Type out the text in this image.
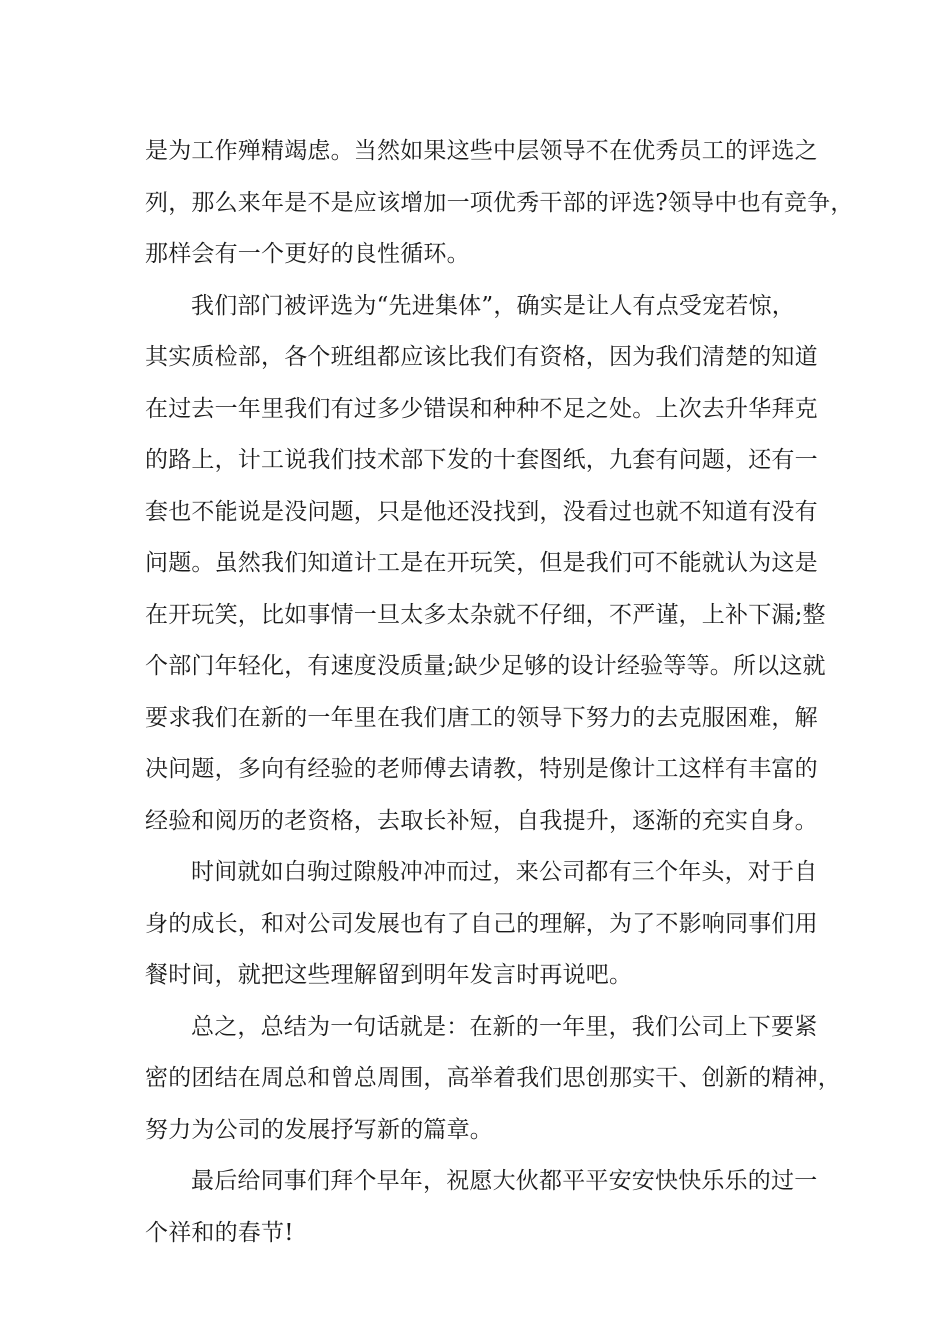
是为工作殚精竭虑。当然如果这些中层领导不在优秀员工的评选之
列，那么来年是不是应该增加一项优秀干部的评选?领导中也有竞争，
那样会有一个更好的良性循环。
我们部门被评选为“先进集体”，确实是让人有点受宠若惊，
其实质检部，各个班组都应该比我们有资格，因为我们清楚的知道
在过去一年里我们有过多少错误和种种不足之处。上次去升华拜克
的路上，计工说我们技术部下发的十套图纸，九套有问题，还有一
套也不能说是没问题，只是他还没找到，没看过也就不知道有没有
问题。虽然我们知道计工是在开玩笑，但是我们可不能就认为这是
在开玩笑，比如事情一旦太多太杂就不仔细，不严谨，上补下漏;整
个部门年轻化，有速度没质量;缺少足够的设计经验等等。所以这就
要求我们在新的一年里在我们唐工的领导下努力的去克服困难，解
决问题，多向有经验的老师傅去请教，特别是像计工这样有丰富的
经验和阅历的老资格，去取长补短，自我提升，逐渐的充实自身。
时间就如白驹过隙般冲冲而过，来公司都有三个年头，对于自
身的成长，和对公司发展也有了自己的理解，为了不影响同事们用
餐时间，就把这些理解留到明年发言时再说吧。
总之，总结为一句话就是：在新的一年里，我们公司上下要紧
密的团结在周总和曾总周围，高举着我们思创那实干、创新的精神，
努力为公司的发展抒写新的篇章。
最后给同事们拜个早年，祝愿大伙都平平安安快快乐乐的过一
个祥和的春节!
